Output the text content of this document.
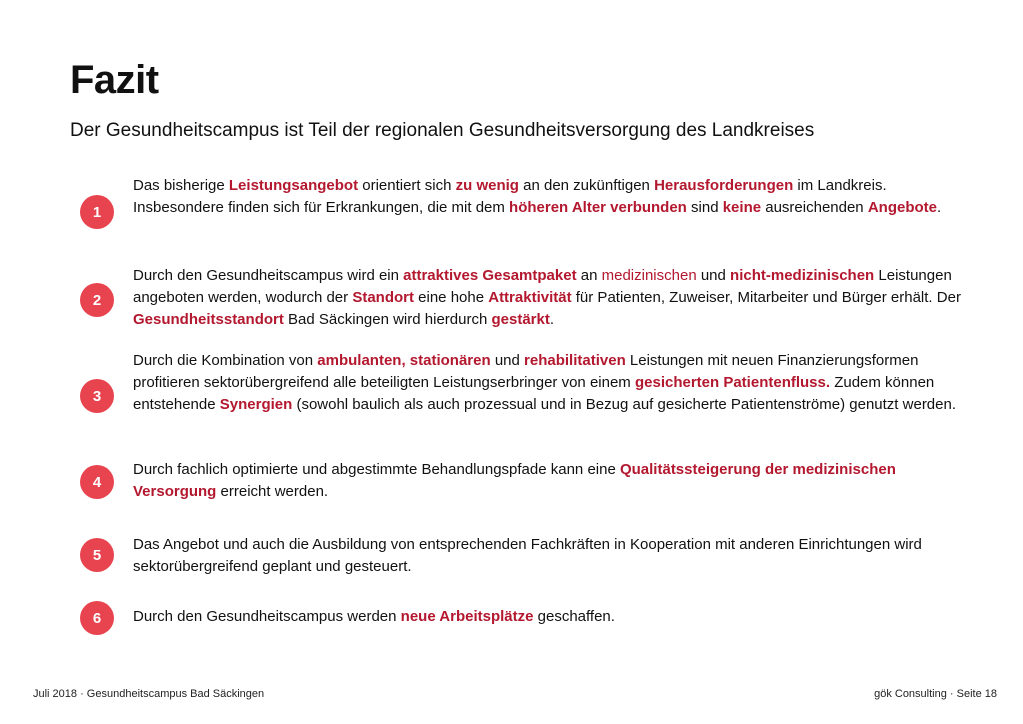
Fazit
Der Gesundheitscampus ist Teil der regionalen Gesundheitsversorgung des Landkreises
1
Das bisherige Leistungsangebot orientiert sich zu wenig an den zukünftigen Herausforderungen im Landkreis. Insbesondere finden sich für Erkrankungen, die mit dem höheren Alter verbunden sind keine ausreichenden Angebote.
2
Durch den Gesundheitscampus wird ein attraktives Gesamtpaket an medizinischen und nicht-medizinischen Leistungen angeboten werden, wodurch der Standort eine hohe Attraktivität für Patienten, Zuweiser, Mitarbeiter und Bürger erhält. Der Gesundheitsstandort Bad Säckingen wird hierdurch gestärkt.
3
Durch die Kombination von ambulanten, stationären und rehabilitativen Leistungen mit neuen Finanzierungsformen profitieren sektorübergreifend alle beteiligten Leistungserbringer von einem gesicherten Patientenfluss. Zudem können entstehende Synergien (sowohl baulich als auch prozessual und in Bezug auf gesicherte Patientenströme) genutzt werden.
4
Durch fachlich optimierte und abgestimmte Behandlungspfade kann eine Qualitätssteigerung der medizinischen Versorgung erreicht werden.
5
Das Angebot und auch die Ausbildung von entsprechenden Fachkräften in Kooperation mit anderen Einrichtungen wird sektorübergreifend geplant und gesteuert.
6	Durch den Gesundheitscampus werden neue Arbeitsplätze geschaffen.
Juli 2018 · Gesundheitscampus Bad Säckingen	gök Consulting · Seite 18
